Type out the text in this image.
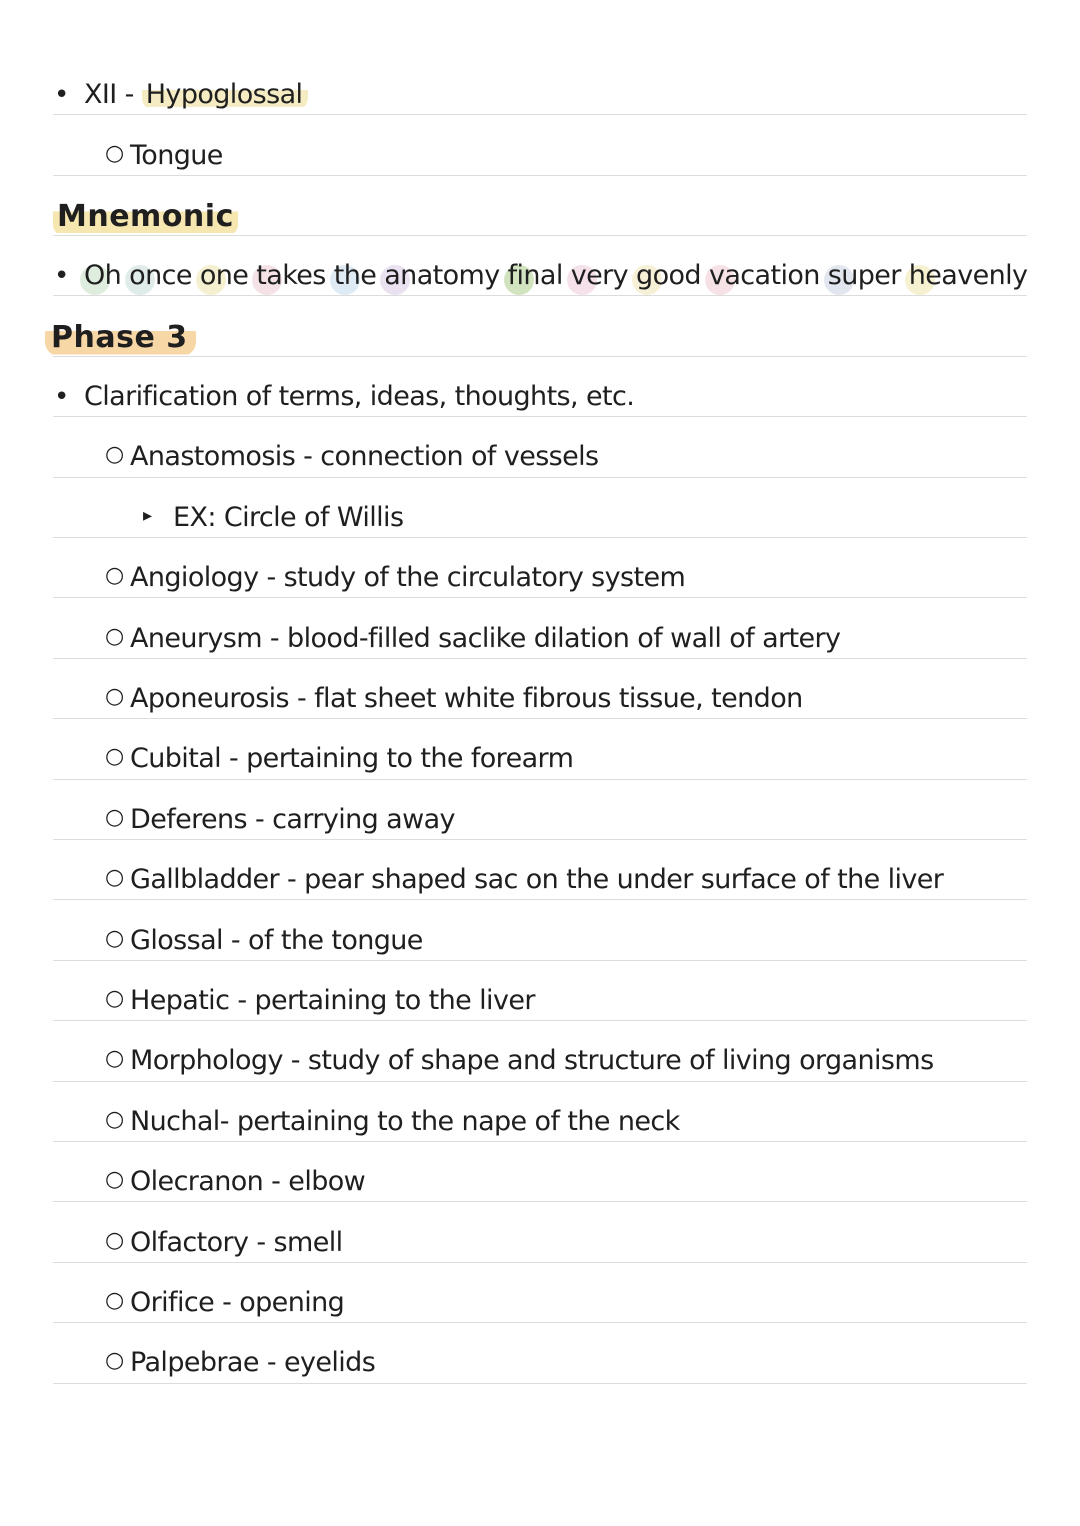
• XII - Hypoglossal
○ Tongue
Mnemonic
• Oh once one takes the anatomy final very good vacation super heavenly
Phase 3
• Clarification of terms, ideas, thoughts, etc.
○ Anastomosis - connection of vessels
▸ EX: Circle of Willis
○ Angiology - study of the circulatory system
○ Aneurysm - blood-filled saclike dilation of wall of artery
○ Aponeurosis - flat sheet white fibrous tissue, tendon
○ Cubital - pertaining to the forearm
○ Deferens - carrying away
○ Gallbladder - pear shaped sac on the under surface of the liver
○ Glossal - of the tongue
○ Hepatic - pertaining to the liver
○ Morphology - study of shape and structure of living organisms
○ Nuchal- pertaining to the nape of the neck
○ Olecranon - elbow
○ Olfactory - smell
○ Orifice - opening
○ Palpebrae - eyelids
